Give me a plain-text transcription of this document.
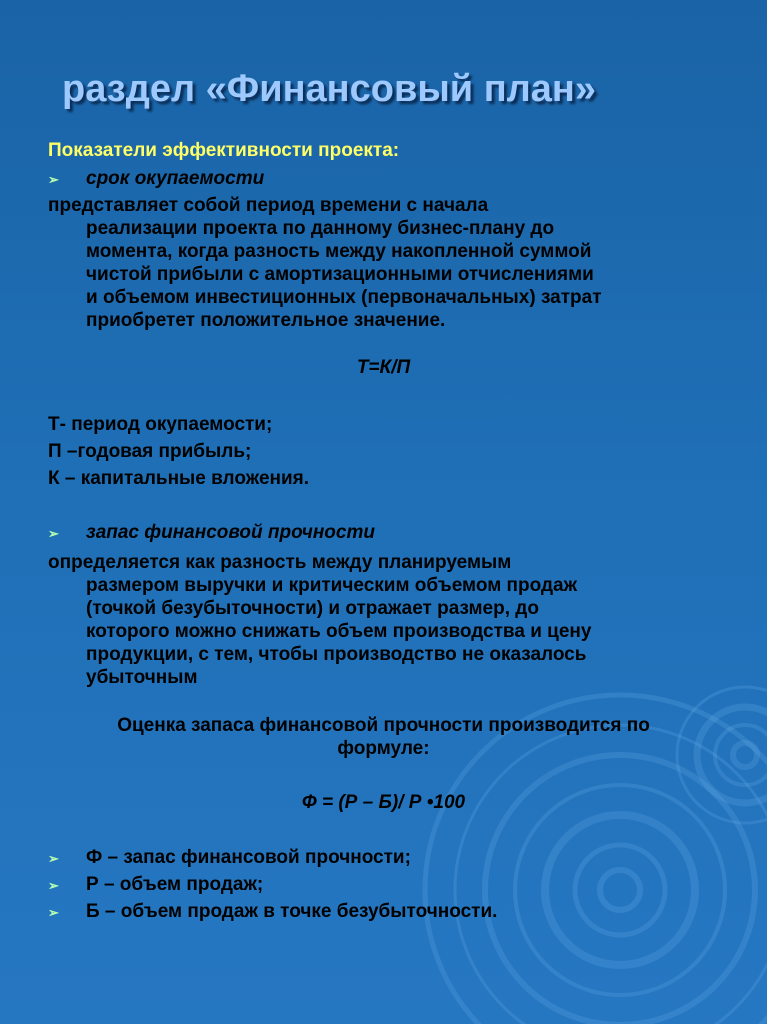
раздел «Финансовый план»
Показатели эффективности проекта:
➢ срок окупаемости
представляет собой период времени с начала
реализации проекта по данному бизнес-плану до
момента, когда разность между накопленной суммой
чистой прибыли с амортизационными отчислениями
и объемом инвестиционных (первоначальных) затрат
приобретет положительное значение.
Т=К/П
Т- период окупаемости;
П –годовая прибыль;
К – капитальные вложения.
➢ запас финансовой прочности
определяется как разность между планируемым
размером выручки и критическим объемом продаж
(точкой безубыточности) и отражает размер, до
которого можно снижать объем производства и цену
продукции, с тем, чтобы производство не оказалось
убыточным
Оценка запаса финансовой прочности производится по
формуле:
Ф = (Р – Б)/ Р •100
➢ Ф – запас финансовой прочности;
➢ Р – объем продаж;
➢ Б – объем продаж в точке безубыточности.
